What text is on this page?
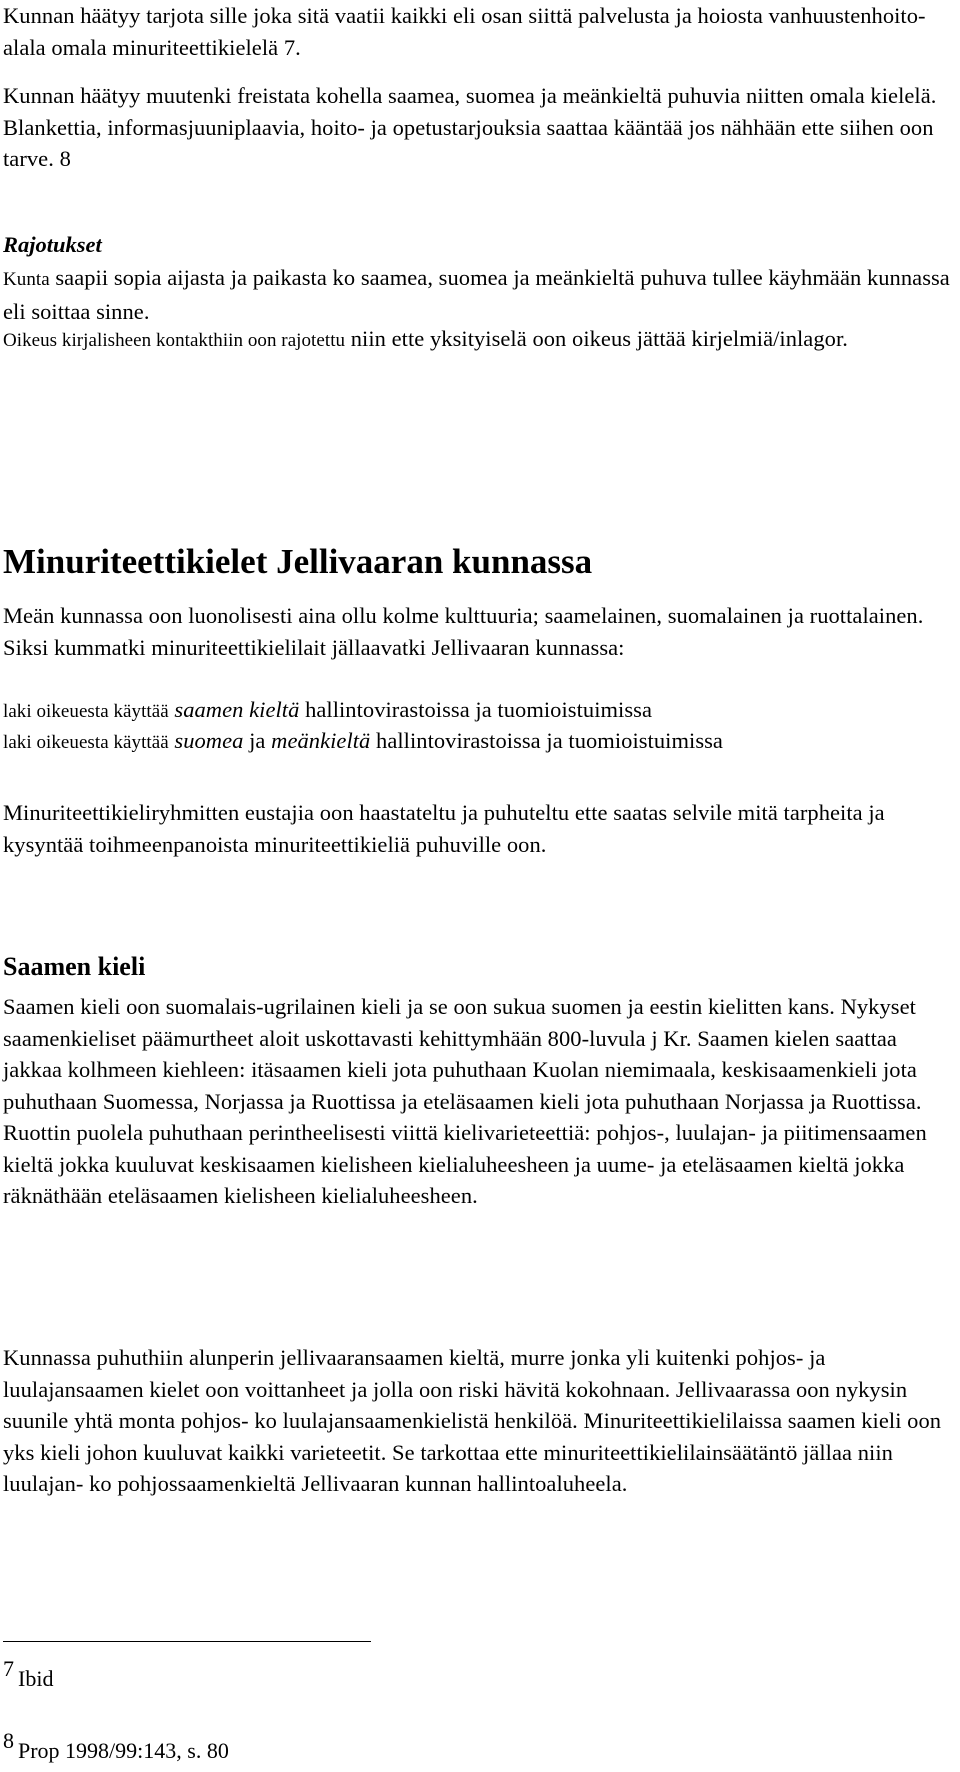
Kunnan häätyy tarjota sille joka sitä vaatii kaikki eli osan siittä palvelusta ja hoiosta vanhuustenhoito-alala omala minuriteettikielelä 7.

Kunnan häätyy muutenki freistata kohella saamea, suomea ja meänkieltä puhuvia niitten omala kielelä. Blankettia, informasjuuniplaavia, hoito- ja opetustarjouksia saattaa kääntää jos nähhään ette siihen oon tarve. 8

Rajotukset

Kunta saapii sopia aijasta ja paikasta ko saamea, suomea ja meänkieltä puhuva tullee käyhmään kunnassa eli soittaa sinne.

Oikeus kirjalisheen kontakthiin oon rajotettu niin ette yksityiselä oon oikeus jättää kirjelmiä/inlagor.

Minuriteettikielet Jellivaaran kunnassa

Meän kunnassa oon luonolisesti aina ollu kolme kulttuuria; saamelainen, suomalainen ja ruottalainen. Siksi kummatki minuriteettikielilait jällaavatki Jellivaaran kunnassa:

laki oikeuesta käyttää saamen kieltä hallintovirastoissa ja tuomioistuimissa

laki oikeuesta käyttää suomea ja meänkieltä hallintovirastoissa ja tuomioistuimissa

Minuriteettikieliryhmitten eustajia oon haastateltu ja puhuteltu ette saatas selvile mitä tarpheita ja kysyntää toihmeenpanoista minuriteettikieliä puhuville oon.

Saamen kieli

Saamen kieli oon suomalais-ugrilainen kieli ja se oon sukua suomen ja eestin kielitten kans. Nykyset saamenkieliset päämurtheet aloit uskottavasti kehittymhään 800-luvula j Kr. Saamen kielen saattaa jakkaa kolhmeen kiehleen: itäsaamen kieli jota puhuthaan Kuolan niemimaala, keskisaamenkieli jota puhuthaan Suomessa, Norjassa ja Ruottissa ja eteläsaamen kieli jota puhuthaan Norjassa ja Ruottissa. Ruottin puolela puhuthaan perintheelisesti viittä kielivarieteettiä: pohjos-, luulajan- ja piitimensaamen kieltä jokka kuuluvat keskisaamen kielisheen kielialuheesheen ja uume- ja eteläsaamen kieltä jokka räknäthään eteläsaamen kielisheen kielialuheesheen.

Kunnassa puhuthiin alunperin jellivaaransaamen kieltä, murre jonka yli kuitenki pohjos- ja luulajansaamen kielet oon voittanheet ja jolla oon riski hävitä kokohnaan. Jellivaarassa oon nykysin suunile yhtä monta pohjos- ko luulajansaamenkielistä henkilöä. Minuriteettikielilaissa saamen kieli oon yks kieli johon kuuluvat kaikki varieteetit. Se tarkottaa ette minuriteettikielilainsäätäntö jällaa niin luulajan- ko pohjossaamenkieltä Jellivaaran kunnan hallintoaluheela.

7 Ibid

8 Prop 1998/99:143, s. 80
